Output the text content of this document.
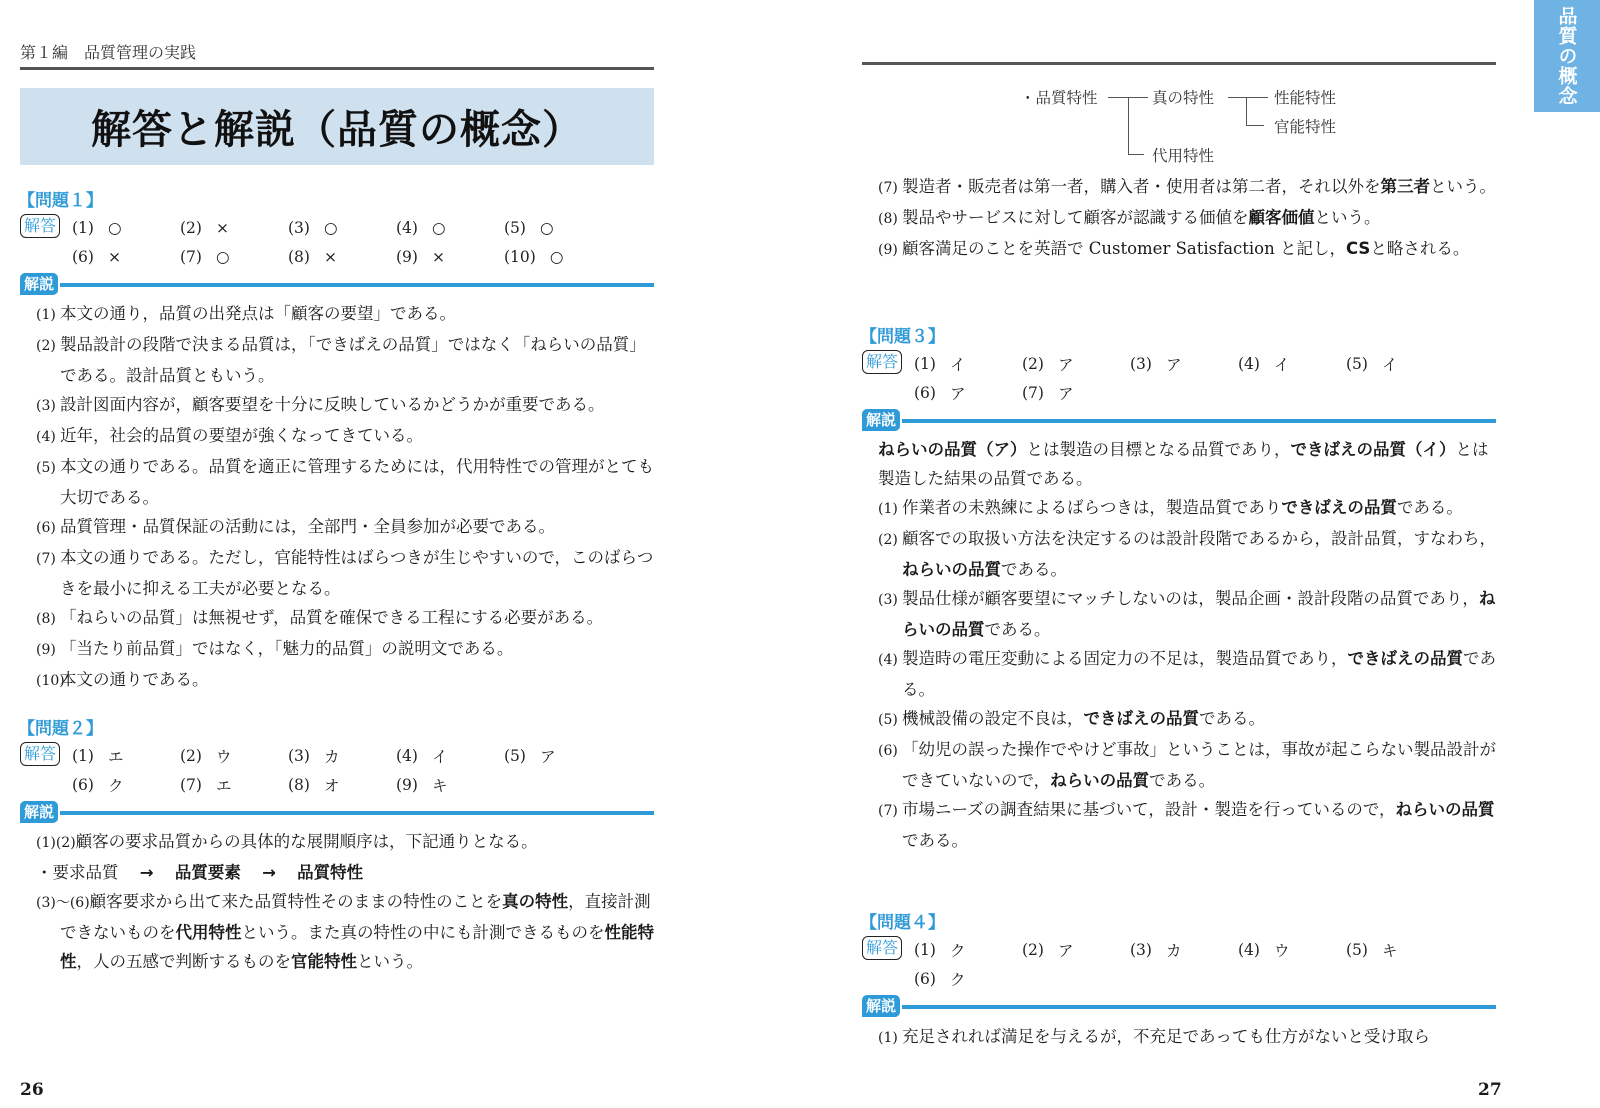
第１編　品質管理の実践
解答と解説（品質の概念）
【問題１】
解答 (1) ○	(2) ×	(3) ○	(4) ○	(5) ○
(6) ×	(7) ○	(8) ×	(9) ×	(10) ○
解説
(1) 本文の通り，品質の出発点は「顧客の要望」である。
(2) 製品設計の段階で決まる品質は，「できばえの品質」ではなく「ねらいの品質」である。設計品質ともいう。
(3) 設計図面内容が，顧客要望を十分に反映しているかどうかが重要である。
(4) 近年，社会的品質の要望が強くなってきている。
(5) 本文の通りである。品質を適正に管理するためには，代用特性での管理がとても大切である。
(6) 品質管理・品質保証の活動には，全部門・全員参加が必要である。
(7) 本文の通りである。ただし，官能特性はばらつきが生じやすいので，このばらつきを最小に抑える工夫が必要となる。
(8) 「ねらいの品質」は無視せず，品質を確保できる工程にする必要がある。
(9) 「当たり前品質」ではなく，「魅力的品質」の説明文である。
(10)本文の通りである。
【問題２】
解答 (1) エ	(2) ウ	(3) カ	(4) イ	(5) ア
(6) ク	(7) エ	(8) オ	(9) キ
解説
(1)(2)顧客の要求品質からの具体的な展開順序は，下記通りとなる。
・要求品質 → 品質要素 → 品質特性
(3)〜(6)顧客要求から出て来た品質特性そのままの特性のことを真の特性，直接計測できないものを代用特性という。また真の特性の中にも計測できるものを性能特性，人の五感で判断するものを官能特性という。
26
品質の概念
・品質特性	真の特性	性能特性
官能特性
代用特性
(7) 製造者・販売者は第一者，購入者・使用者は第二者，それ以外を第三者という。
(8) 製品やサービスに対して顧客が認識する価値を顧客価値という。
(9) 顧客満足のことを英語で Customer Satisfaction と記し，CSと略される。
【問題３】
解答 (1) イ	(2) ア	(3) ア	(4) イ	(5) イ
(6) ア	(7) ア
解説
ねらいの品質（ア）とは製造の目標となる品質であり，できばえの品質（イ）とは製造した結果の品質である。
(1) 作業者の未熟練によるばらつきは，製造品質でありできばえの品質である。
(2) 顧客での取扱い方法を決定するのは設計段階であるから，設計品質，すなわち，ねらいの品質である。
(3) 製品仕様が顧客要望にマッチしないのは，製品企画・設計段階の品質であり，ねらいの品質である。
(4) 製造時の電圧変動による固定力の不足は，製造品質であり，できばえの品質である。
(5) 機械設備の設定不良は，できばえの品質である。
(6) 「幼児の誤った操作でやけど事故」ということは，事故が起こらない製品設計ができていないので，ねらいの品質である。
(7) 市場ニーズの調査結果に基づいて，設計・製造を行っているので，ねらいの品質である。
【問題４】
解答 (1) ク	(2) ア	(3) カ	(4) ウ	(5) キ
(6) ク
解説
(1) 充足されれば満足を与えるが，不充足であっても仕方がないと受け取ら
27
